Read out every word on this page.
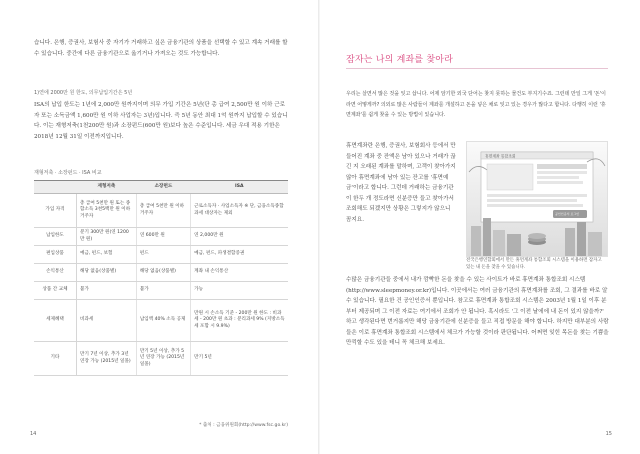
습니다. 은행, 증권사, 보험사 중 자기가 거래하고 싶은 금융기관의 상품을 선택할 수 있고 계속 거래를 할 수 있습니다. 중간에 다른 금융기관으로 옮기거나 가져오는 것도 가능합니다.
1)연에 2000만 원 한도, 의무납입기간은 5년
ISA의 납입 한도는 1년에 2,000만 원까지이며 의무 가입 기간은 5년(단 총 급여 2,500만 원 이하 근로자 또는 소득금액 1,600만 원 이하 사업자는 3년)입니다. 즉 5년 동안 최대 1억 원까지 납입할 수 있습니다. 이는 재형저축(1천200만 원)과 소장펀드(600만 원)보다 높은 수준입니다. 세금 우대 적용 기한은 2018년 12월 31일 이전까지입니다.
재형저축 · 소장펀드 · ISA 비교
	재형저축	소장펀드	ISA
가입 자격	총 급여 5천만 원 또는 종합소득 3천5백만 원 이하 거주자	총 급여 5천만 원 이하 거주자	근로소득자 · 사업소득자 ※ 단, 금융소득종합과세 대상자는 제외
납입한도	분기 300만 원(연 1200만 원)	연 600만 원	연 2,000만 원
편입상품	예금, 펀드, 보험	펀드	예금, 펀드, 파생결합증권
손익통산	해당 없음(상품별)	해당 없음(상품별)	계좌 내 손익통산
상품 간 교체	불가	불가	가능
세제혜택	비과세	납입액 40% 소득 공제	만원 시 손소득 기준 - 200만 원 한도 : 비과세 - 200만 원 초과 : 분리과세 9% (지방소득세 포함 시 9.9%)
기타	만기 7년 이상, 추가 3년 연장 가능 (2015년 일몰)	만기 5년 이상, 추가 5년 연장 가능 (2015년 일몰)	만기 5년
* 출처 : 금융위원회(http://www.fsc.go.kr)
14
잠자는 나의 계좌를 찾아라
우리는 살면서 많은 것을 잊고 삽니다. 어제 암기한 외국 단어는 찾지 못하는 물건도 부지기수죠. 그런데 만일 그게 '돈'이라면 어떻게까? 의외로 많은 사람들이 계좌를 개설하고 돈을 넣은 채로 잊고 있는 경우가 많다고 합니다. 다행히 이런 '휴면계좌'를 쉽게 찾을 수 있는 방법이 있습니다.
휴면계좌란 은행, 증권사, 보험회사 등에서 만들어진 계좌 중 잔액은 남아 있으나 거래가 끊긴 지 오래된 계좌를 말하며, 고객이 찾아가지 않아 휴면계좌에 남아 있는 잔고를 '휴면예금'이라고 합니다. 그런데 거래하는 금융기관이 한두 개 정도라면 신분증만 들고 찾아가서 조회해도 되겠지만 상황은 그렇지가 않으니 꼼지요.
휴면계좌 통합조회
공인인증서 로그인
전국은행연합회에서 만든 휴면계좌 통합조회 시스템을 이용하면 잠자고 있는 내 돈을 찾을 수 있습니다.
수많은 금융기관들 중에서 내가 깜빡한 돈을 찾을 수 있는 사이트가 바로 휴면계좌 통합조회 시스템(http://www.sleepmoney.or.kr)입니다. 이곳에서는 여러 금융기관의 휴면계좌를 조회, 그 결과를 바로 알 수 있습니다. 필요한 건 공인인증서 뿐입니다. 참고로 휴면계좌 통합조회 시스템은 2003년 1월 1일 이후 분부터 제공되며 그 이전 자료는 여기에서 조회가 안 됩니다. 혹시라도 '그 이전 날에에 내 돈이 있지 않을까?' 하고 생각된다면 번거롭지만 해당 금융기관에 신분증을 들고 직접 방문을 해야 합니다. 하지만 대부분의 사람들은 이로 휴면계좌 통합조회 시스템에서 체크가 가능할 것이라 판단됩니다. 어쩌면 잊힌 목돈을 찾는 기쁨을 만끽할 수도 있을 테니 꼭 체크해 보세요.
15
